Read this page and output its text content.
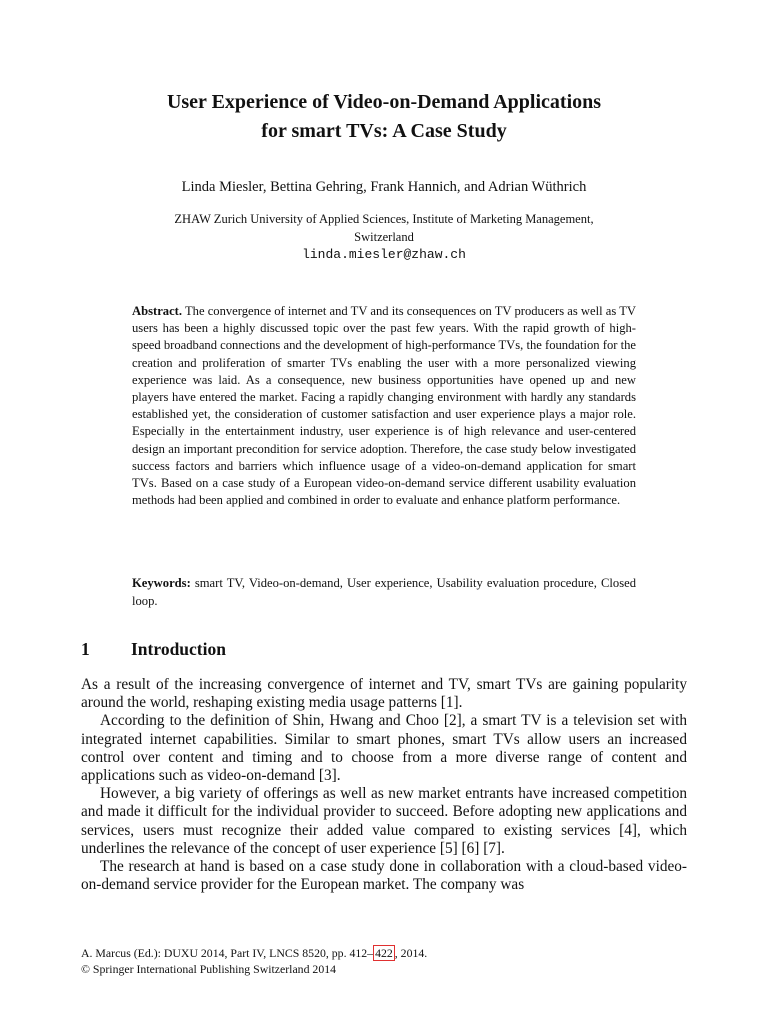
User Experience of Video-on-Demand Applications
for smart TVs: A Case Study
Linda Miesler, Bettina Gehring, Frank Hannich, and Adrian Wüthrich
ZHAW Zurich University of Applied Sciences, Institute of Marketing Management,
Switzerland
linda.miesler@zhaw.ch

Abstract. The convergence of internet and TV and its consequences on TV producers as well as TV users has been a highly discussed topic over the past few years. With the rapid growth of high-speed broadband connections and the development of high-performance TVs, the foundation for the creation and proliferation of smarter TVs enabling the user with a more personalized viewing experience was laid. As a consequence, new business opportunities have opened up and new players have entered the market. Facing a rapidly changing environment with hardly any standards established yet, the consideration of customer satisfaction and user experience plays a major role. Especially in the entertainment industry, user experience is of high relevance and user-centered design an important precondition for service adoption. Therefore, the case study below investigated success factors and barriers which influence usage of a video-on-demand application for smart TVs. Based on a case study of a European video-on-demand service different usability evaluation methods had been applied and combined in order to evaluate and enhance platform performance.

Keywords: smart TV, Video-on-demand, User experience, Usability evaluation procedure, Closed loop.

1 Introduction

As a result of the increasing convergence of internet and TV, smart TVs are gaining popularity around the world, reshaping existing media usage patterns [1].

According to the definition of Shin, Hwang and Choo [2], a smart TV is a television set with integrated internet capabilities. Similar to smart phones, smart TVs allow users an increased control over content and timing and to choose from a more diverse range of content and applications such as video-on-demand [3].

However, a big variety of offerings as well as new market entrants have increased competition and made it difficult for the individual provider to succeed. Before adopting new applications and services, users must recognize their added value compared to existing services [4], which underlines the relevance of the concept of user experience [5] [6] [7].

The research at hand is based on a case study done in collaboration with a cloud-based video-on-demand service provider for the European market. The company was

A. Marcus (Ed.): DUXU 2014, Part IV, LNCS 8520, pp. 412– 422 , 2014.
© Springer International Publishing Switzerland 2014
